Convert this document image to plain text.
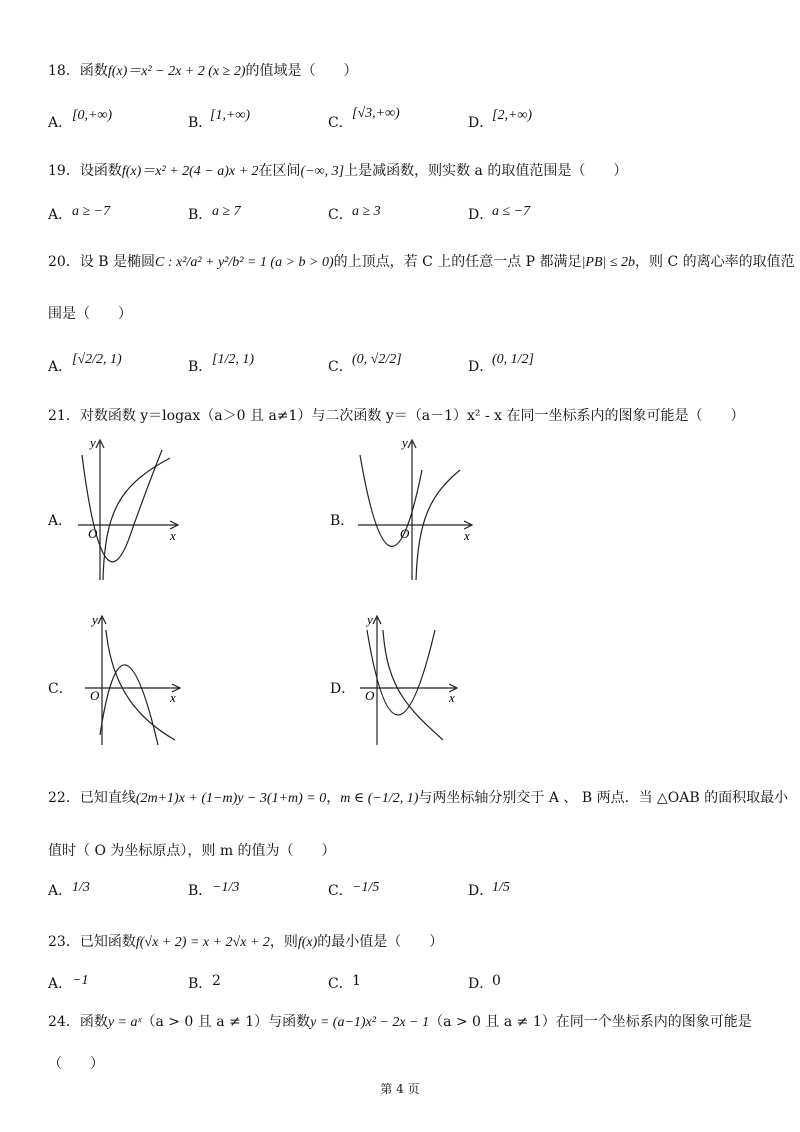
18．函数f(x)＝x² − 2x + 2 (x ≥ 2)的值域是（　　）
A． [0,+∞)	B．
[1,+∞)	C．
[√3,+∞)
D．
[2,+∞)
19．设函数f(x)＝x² + 2(4 − a)x + 2在区间(−∞, 3]上是减函数，则实数 a 的取值范围是（　　）
A． a ≥ −7	B． a ≥ 7	C． a ≥ 3	D．
a ≤ −7
20．设 B 是椭圆C : x²/a² + y²/b² = 1 (a > b > 0)的上顶点，若 C 上的任意一点 P 都满足|PB| ≤ 2b，则 C 的离心率的取值范
围是（　　）
A． [√2/2, 1)	B． [1/2, 1)	C． (0, √2/2]	D．
(0, 1/2]
21．对数函数 y＝logax（a＞0 且 a≠1）与二次函数 y＝（a－1）x² - x 在同一坐标系内的图象可能是（　　）
A．
y
x
O
B．
y
x
O
C．
y
x
O	D．
y
x
O
22．已知直线(2m+1)x + (1−m)y − 3(1+m) = 0，m ∈ (−1/2, 1)与两坐标轴分别交于 A 、 B 两点．当 △OAB 的面积取最小
值时（ O 为坐标原点），则 m 的值为（　　）
A． 1/3	B． −1/3	C． −1/5	D．
1/5
23．已知函数f(√x + 2) = x + 2√x + 2，则f(x)的最小值是（　　）
A． −1	B． 2	C． 1	D．
0
24．函数y = aˣ（a > 0 且 a ≠ 1）与函数y = (a−1)x² − 2x − 1（a > 0 且 a ≠ 1）在同一个坐标系内的图象可能是
（　　）
第 4 页
